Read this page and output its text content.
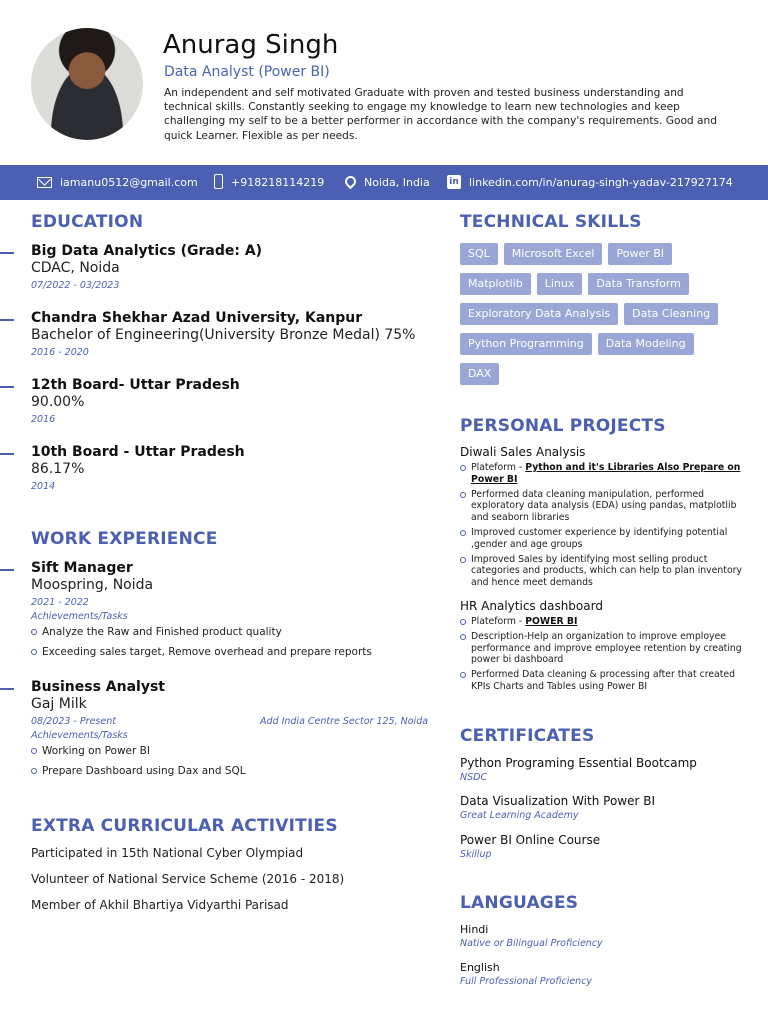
Anurag Singh
Data Analyst (Power BI)
An independent and self motivated Graduate with proven and tested business understanding and technical skills. Constantly seeking to engage my knowledge to learn new technologies and keep challenging my self to be a better performer in accordance with the company's requirements. Good and quick Learner. Flexible as per needs.
iamanu0512@gmail.com	+918218114219	Noida, India in linkedin.com/in/anurag-singh-yadav-217927174
EDUCATION
Big Data Analytics (Grade: A)
CDAC, Noida
07/2022 - 03/2023
Chandra Shekhar Azad University, Kanpur
Bachelor of Engineering(University Bronze Medal) 75%
2016 - 2020
12th Board- Uttar Pradesh
90.00%
2016
10th Board - Uttar Pradesh
86.17%
2014
WORK EXPERIENCE
Sift Manager
Moospring, Noida
2021 - 2022
Achievements/Tasks
Analyze the Raw and Finished product quality
Exceeding sales target, Remove overhead and prepare reports
Business Analyst
Gaj Milk
08/2023 - Present	Add India Centre Sector 125, Noida
Achievements/Tasks
Working on Power BI
Prepare Dashboard using Dax and SQL
EXTRA CURRICULAR ACTIVITIES
Participated in 15th National Cyber Olympiad
Volunteer of National Service Scheme (2016 - 2018)
Member of Akhil Bhartiya Vidyarthi Parisad
TECHNICAL SKILLS
SQL	Microsoft Excel	Power BI
Matplotlib	Linux	Data Transform
Exploratory Data Analysis	Data Cleaning
Python Programming	Data Modeling
DAX
PERSONAL PROJECTS
Diwali Sales Analysis
Plateform - Python and it's Libraries Also Prepare on Power BI
Performed data cleaning manipulation, performed exploratory data analysis (EDA) using pandas, matplotlib and seaborn libraries
Improved customer experience by identifying potential ,gender and age groups
Improved Sales by identifying most selling product categories and products, which can help to plan inventory and hence meet demands
HR Analytics dashboard
Plateform - POWER BI
Description-Help an organization to improve employee performance and improve employee retention by creating power bi dashboard
Performed Data cleaning & processing after that created KPIs Charts and Tables using Power BI
CERTIFICATES
Python Programing Essential Bootcamp
NSDC
Data Visualization With Power BI
Great Learning Academy
Power BI Online Course
Skillup
LANGUAGES
Hindi
Native or Bilingual Proficiency
English
Full Professional Proficiency
